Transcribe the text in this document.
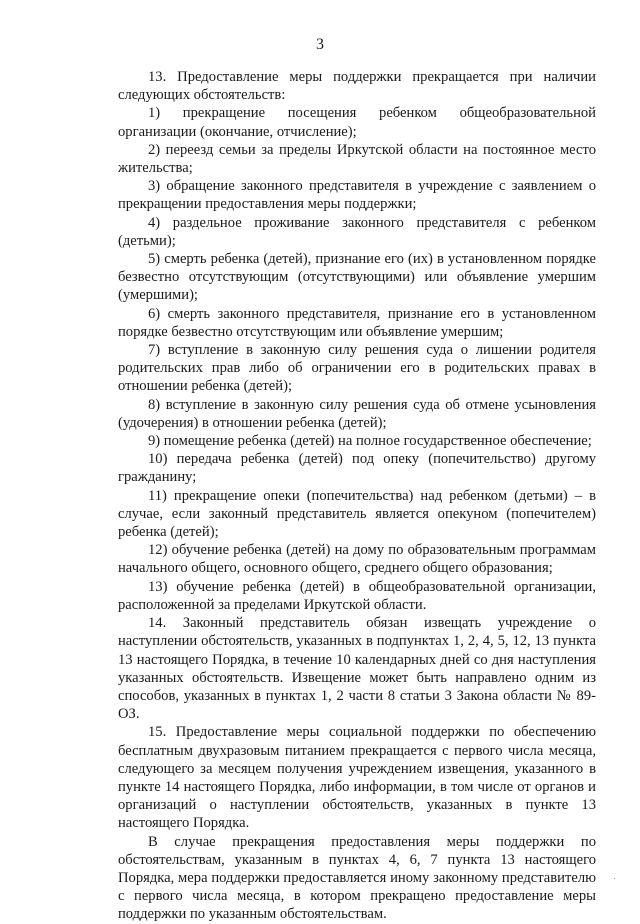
3

13. Предоставление меры поддержки прекращается при наличии следующих обстоятельств:

1) прекращение посещения ребенком общеобразовательной организации (окончание, отчисление);

2) переезд семьи за пределы Иркутской области на постоянное место жительства;

3) обращение законного представителя в учреждение с заявлением о прекращении предоставления меры поддержки;

4) раздельное проживание законного представителя с ребенком (детьми);

5) смерть ребенка (детей), признание его (их) в установленном порядке безвестно отсутствующим (отсутствующими) или объявление умершим (умершими);

6) смерть законного представителя, признание его в установленном порядке безвестно отсутствующим или объявление умершим;

7) вступление в законную силу решения суда о лишении родителя родительских прав либо об ограничении его в родительских правах в отношении ребенка (детей);

8) вступление в законную силу решения суда об отмене усыновления (удочерения) в отношении ребенка (детей);

9) помещение ребенка (детей) на полное государственное обеспечение;

10) передача ребенка (детей) под опеку (попечительство) другому гражданину;

11) прекращение опеки (попечительства) над ребенком (детьми) – в случае, если законный представитель является опекуном (попечителем) ребенка (детей);

12) обучение ребенка (детей) на дому по образовательным программам начального общего, основного общего, среднего общего образования;

13) обучение ребенка (детей) в общеобразовательной организации, расположенной за пределами Иркутской области.

14. Законный представитель обязан извещать учреждение о наступлении обстоятельств, указанных в подпунктах 1, 2, 4, 5, 12, 13 пункта 13 настоящего Порядка, в течение 10 календарных дней со дня наступления указанных обстоятельств. Извещение может быть направлено одним из способов, указанных в пунктах 1, 2 части 8 статьи 3 Закона области № 89-ОЗ.

15. Предоставление меры социальной поддержки по обеспечению бесплатным двухразовым питанием прекращается с первого числа месяца, следующего за месяцем получения учреждением извещения, указанного в пункте 14 настоящего Порядка, либо информации, в том числе от органов и организаций о наступлении обстоятельств, указанных в пункте 13 настоящего Порядка.

В случае прекращения предоставления меры поддержки по обстоятельствам, указанным в пунктах 4, 6, 7 пункта 13 настоящего Порядка, мера поддержки предоставляется иному законному представителю с первого числа месяца, в котором прекращено предоставление меры поддержки по указанным обстоятельствам.
